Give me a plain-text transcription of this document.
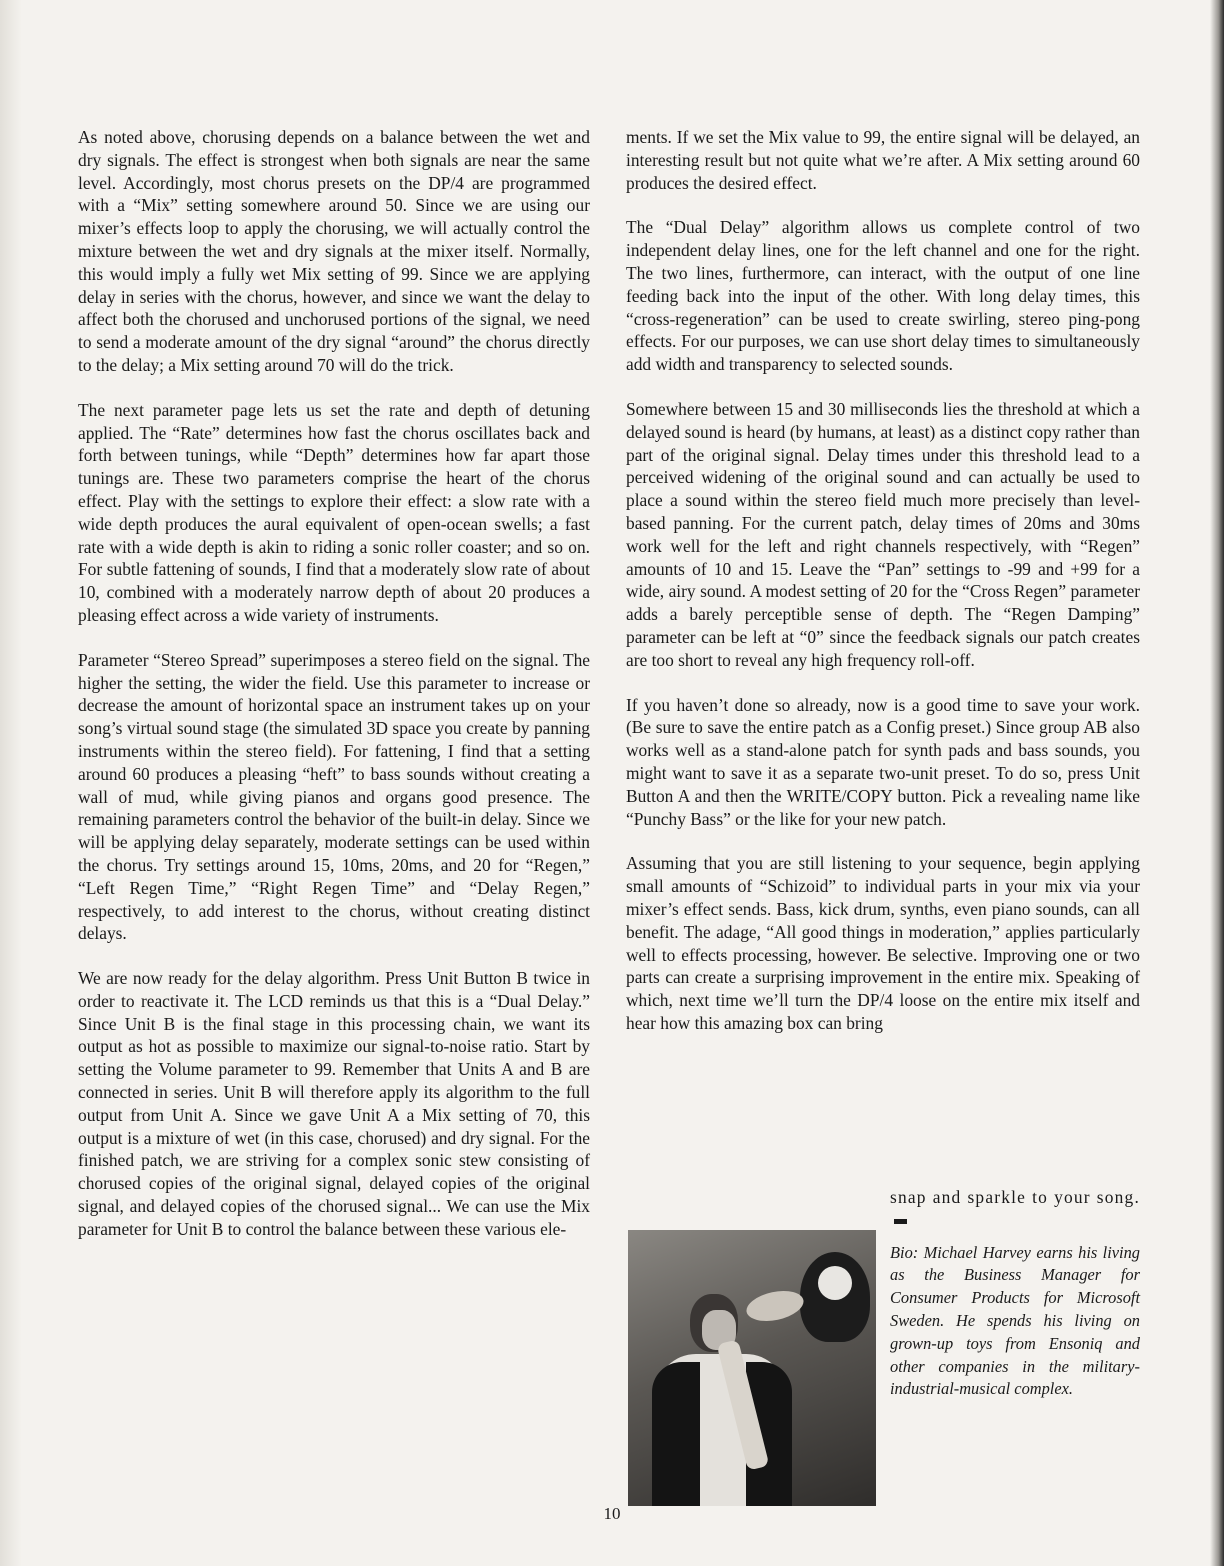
As noted above, chorusing depends on a balance between the wet and dry signals. The effect is strongest when both signals are near the same level. Accordingly, most chorus presets on the DP/4 are programmed with a “Mix” setting somewhere around 50. Since we are using our mixer’s effects loop to apply the chorusing, we will actually control the mixture between the wet and dry signals at the mixer itself. Normally, this would imply a fully wet Mix setting of 99. Since we are applying delay in series with the chorus, however, and since we want the delay to affect both the chorused and unchorused portions of the signal, we need to send a moderate amount of the dry signal “around” the chorus directly to the delay; a Mix setting around 70 will do the trick.

The next parameter page lets us set the rate and depth of detuning applied. The “Rate” determines how fast the chorus oscillates back and forth between tunings, while “Depth” determines how far apart those tunings are. These two parameters comprise the heart of the chorus effect. Play with the settings to explore their effect: a slow rate with a wide depth produces the aural equivalent of open-ocean swells; a fast rate with a wide depth is akin to riding a sonic roller coaster; and so on. For subtle fattening of sounds, I find that a moderately slow rate of about 10, combined with a moderately narrow depth of about 20 produces a pleasing effect across a wide variety of instruments.

Parameter “Stereo Spread” superimposes a stereo field on the signal. The higher the setting, the wider the field. Use this parameter to increase or decrease the amount of horizontal space an instrument takes up on your song’s virtual sound stage (the simulated 3D space you create by panning instruments within the stereo field). For fattening, I find that a setting around 60 produces a pleasing “heft” to bass sounds without creating a wall of mud, while giving pianos and organs good presence. The remaining parameters control the behavior of the built-in delay. Since we will be applying delay separately, moderate settings can be used within the chorus. Try settings around 15, 10ms, 20ms, and 20 for “Regen,” “Left Regen Time,” “Right Regen Time” and “Delay Regen,” respectively, to add interest to the chorus, without creating distinct delays.

We are now ready for the delay algorithm. Press Unit Button B twice in order to reactivate it. The LCD reminds us that this is a “Dual Delay.” Since Unit B is the final stage in this processing chain, we want its output as hot as possible to maximize our signal-to-noise ratio. Start by setting the Volume parameter to 99. Remember that Units A and B are connected in series. Unit B will therefore apply its algorithm to the full output from Unit A. Since we gave Unit A a Mix setting of 70, this output is a mixture of wet (in this case, chorused) and dry signal. For the finished patch, we are striving for a complex sonic stew consisting of chorused copies of the original signal, delayed copies of the original signal, and delayed copies of the chorused signal... We can use the Mix parameter for Unit B to control the balance between these various ele-

ments. If we set the Mix value to 99, the entire signal will be delayed, an interesting result but not quite what we’re after. A Mix setting around 60 produces the desired effect.

The “Dual Delay” algorithm allows us complete control of two independent delay lines, one for the left channel and one for the right. The two lines, furthermore, can interact, with the output of one line feeding back into the input of the other. With long delay times, this “cross-regeneration” can be used to create swirling, stereo ping-pong effects. For our purposes, we can use short delay times to simultaneously add width and transparency to selected sounds.

Somewhere between 15 and 30 milliseconds lies the threshold at which a delayed sound is heard (by humans, at least) as a distinct copy rather than part of the original signal. Delay times under this threshold lead to a perceived widening of the original sound and can actually be used to place a sound within the stereo field much more precisely than level-based panning. For the current patch, delay times of 20ms and 30ms work well for the left and right channels respectively, with “Regen” amounts of 10 and 15. Leave the “Pan” settings to -99 and +99 for a wide, airy sound. A modest setting of 20 for the “Cross Regen” parameter adds a barely perceptible sense of depth. The “Regen Damping” parameter can be left at “0” since the feedback signals our patch creates are too short to reveal any high frequency roll-off.

If you haven’t done so already, now is a good time to save your work. (Be sure to save the entire patch as a Config preset.) Since group AB also works well as a stand-alone patch for synth pads and bass sounds, you might want to save it as a separate two-unit preset. To do so, press Unit Button A and then the WRITE/COPY button. Pick a revealing name like “Punchy Bass” or the like for your new patch.

Assuming that you are still listening to your sequence, begin applying small amounts of “Schizoid” to individual parts in your mix via your mixer’s effect sends. Bass, kick drum, synths, even piano sounds, can all benefit. The adage, “All good things in moderation,” applies particularly well to effects processing, however. Be selective. Improving one or two parts can create a surprising improvement in the entire mix. Speaking of which, next time we’ll turn the DP/4 loose on the entire mix itself and hear how this amazing box can bring

snap and sparkle to your song.
Bio: Michael Harvey earns his living as the Business Manager for Consumer Products for Microsoft Sweden. He spends his living on grown-up toys from Ensoniq and other companies in the military-industrial-musical complex.
10
